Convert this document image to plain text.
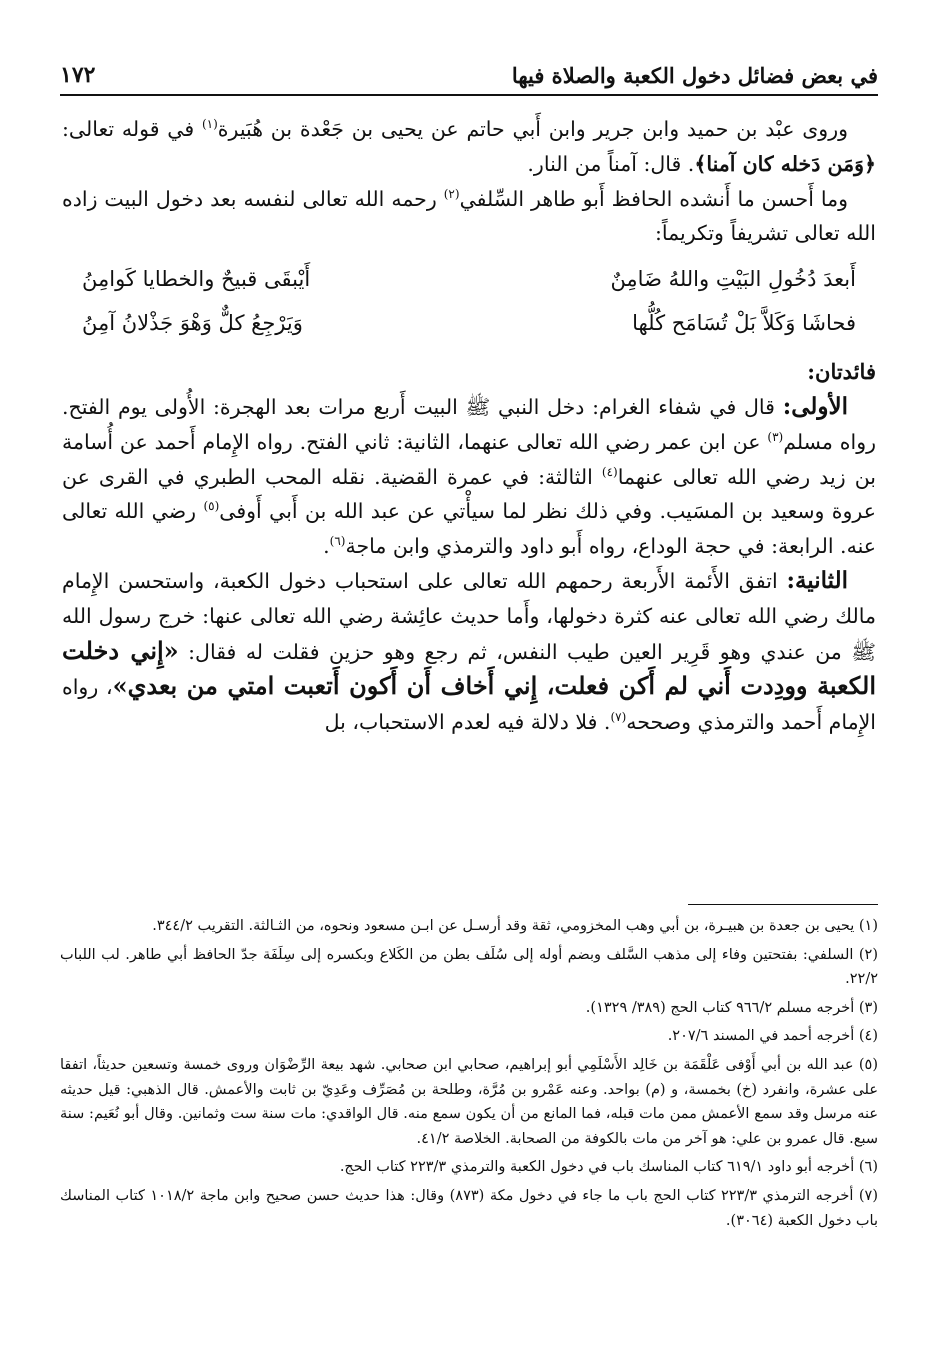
في بعض فضائل دخول الكعبة والصلاة فيها
١٧٢

وروى عبْد بن حميد وابن جرير وابن أَبي حاتم عن يحيى بن جَعْدة بن هُبَيرة$^{(١)}$ في قوله تعالى: ﴿وَمَن دَخله كان آمنا﴾. قال: آمناً من النار.

وما أَحسن ما أَنشده الحافظ أَبو طاهر السِّلفي$^{(٢)}$ رحمه الله تعالى لنفسه بعد دخول البيت زاده الله تعالى تشريفاً وتكريماً:

أَبعدَ دُخُولِ البَيْتِ واللهُ ضَامِنٌ
أَيْبقَى قبيحٌ والخطايا كَوامِنُ
فحاشَا وَكَلاَّ بَلْ تُسَامَح كُلُّها
وَيَرْجِعُ كلٌّ وَهْوَ جَذْلانُ آمِنُ

فائدتان:

الأولى: قال في شفاء الغرام: دخل النبي ﷺ البيت أَربع مرات بعد الهجرة: الأُولى يوم الفتح. رواه مسلم$^{(٣)}$ عن ابن عمر رضي الله تعالى عنهما، الثانية: ثاني الفتح. رواه الإِمام أَحمد عن أُسامة بن زيد رضي الله تعالى عنهما$^{(٤)}$ الثالثة: في عمرة القضية. نقله المحب الطبري في القرى عن عروة وسعيد بن المسَيب. وفي ذلك نظر لما سيأْتي عن عبد الله بن أَبي أَوفى$^{(٥)}$ رضي الله تعالى عنه. الرابعة: في حجة الوداع، رواه أَبو داود والترمذي وابن ماجة$^{(٦)}$.

الثانية: اتفق الأَئمة الأَربعة رحمهم الله تعالى على استحباب دخول الكعبة، واستحسن الإِمام مالك رضي الله تعالى عنه كثرة دخولها، وأَما حديث عائِشة رضي الله تعالى عنها: خرج رسول الله ﷺ من عندي وهو قَرِير العين طيب النفس، ثم رجع وهو حزين فقلت له فقال: «إِني دخلت الكعبة وودِدت أَني لم أَكن فعلت، إِني أَخاف أَن أَكون أَتعبت امتي من بعدي»، رواه الإِمام أَحمد والترمذي وصححه$^{(٧)}$. فلا دلالة فيه لعدم الاستحباب، بل

(١) يحيى بن جعدة بن هبيـرة، بن أبي وهب المخزومي، ثقة وقد أرسـل عن ابـن مسعود ونحوه، من الثـالثة. التقريب ٣٤٤/٢.

(٢) السلفي: بفتحتين وفاء إلى مذهب السَّلف وبضم أوله إلى سُلَف بطن من الكَلاع وبكسره إلى سِلَفَة جدّ الحافظ أبي طاهر. لب اللباب ٢٢/٢.

(٣) أخرجه مسلم ٩٦٦/٢ كتاب الحج (٣٨٩/ ١٣٢٩).

(٤) أخرجه أحمد في المسند ٢٠٧/٦.

(٥) عبد الله بن أبي أَوْفى عَلْقَمَة بن خَالِد الأَسْلَمِي أبو إبراهيم، صحابي ابن صحابي. شهد بيعة الرِّضْوَان وروى خمسة وتسعين حديثاً، اتفقا على عشرة، وانفرد (خ) بخمسة، و (م) بواحد. وعنه عَمْرو بن مُرَّة، وطلحة بن مُصَرِّف وعَدِيّ بن ثابت والأعمش. قال الذهبي: قيل حديثه عنه مرسل وقد سمع الأعمش ممن مات قبله، فما المانع من أن يكون سمع منه. قال الواقدي: مات سنة ست وثمانين. وقال أبو نُعَيم: سنة سبع. قال عمرو بن علي: هو آخر من مات بالكوفة من الصحابة. الخلاصة ٤١/٢.

(٦) أخرجه أبو داود ٦١٩/١ كتاب المناسك باب في دخول الكعبة والترمذي ٢٢٣/٣ كتاب الحج.

(٧) أخرجه الترمذي ٢٢٣/٣ كتاب الحج باب ما جاء في دخول مكة (٨٧٣) وقال: هذا حديث حسن صحيح وابن ماجة ١٠١٨/٢ كتاب المناسك باب دخول الكعبة (٣٠٦٤).
